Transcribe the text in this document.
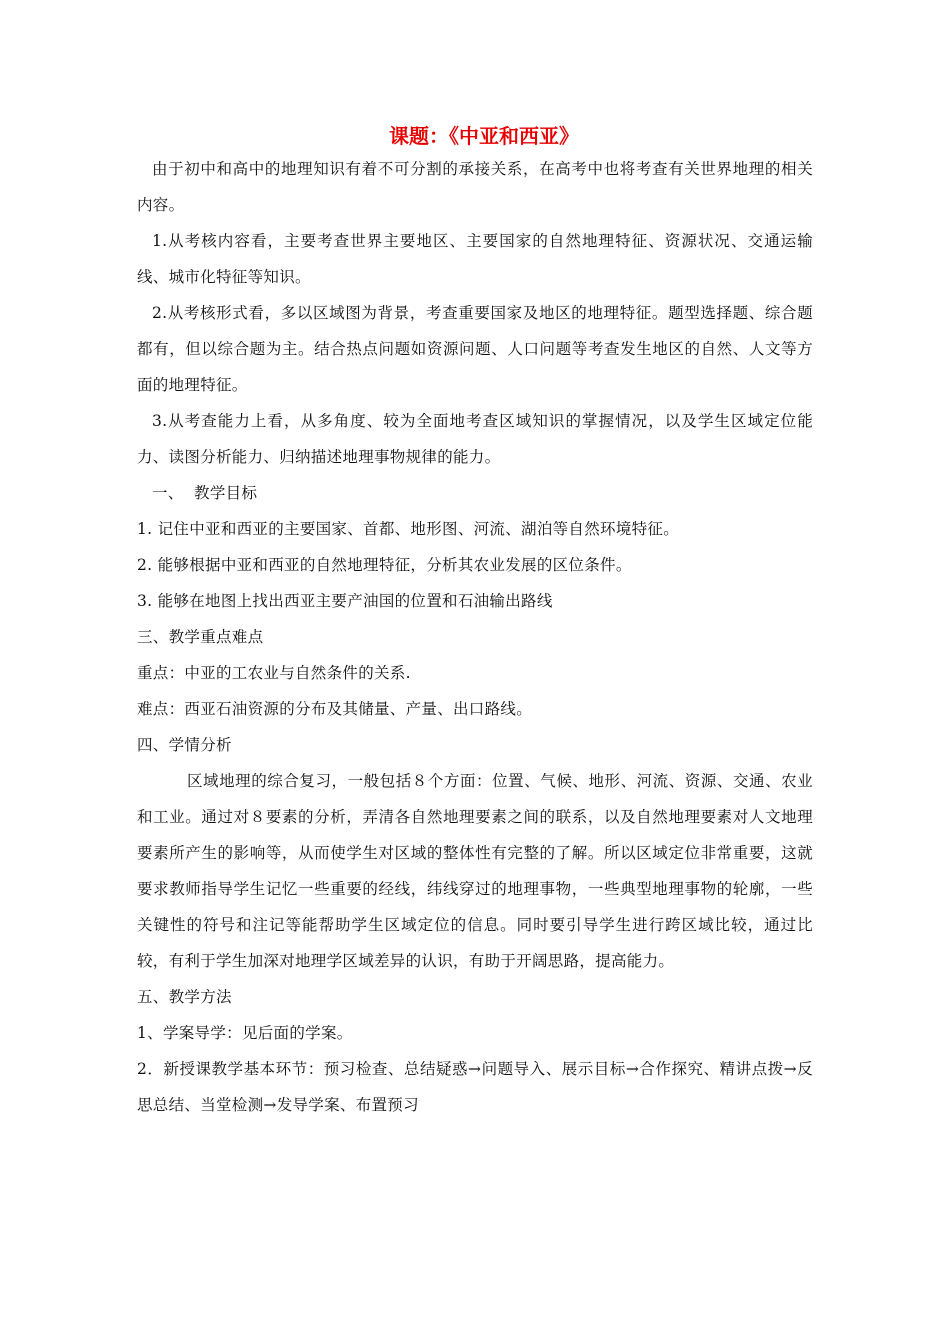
课题：《中亚和西亚》

由于初中和高中的地理知识有着不可分割的承接关系，在高考中也将考查有关世界地理的相关内容。

1.从考核内容看，主要考查世界主要地区、主要国家的自然地理特征、资源状况、交通运输线、城市化特征等知识。

2.从考核形式看，多以区域图为背景，考查重要国家及地区的地理特征。题型选择题、综合题都有，但以综合题为主。结合热点问题如资源问题、人口问题等考查发生地区的自然、人文等方面的地理特征。

3.从考查能力上看，从多角度、较为全面地考查区域知识的掌握情况，以及学生区域定位能力、读图分析能力、归纳描述地理事物规律的能力。

一、  教学目标

1. 记住中亚和西亚的主要国家、首都、地形图、河流、湖泊等自然环境特征。

2. 能够根据中亚和西亚的自然地理特征，分析其农业发展的区位条件。

3. 能够在地图上找出西亚主要产油国的位置和石油输出路线

三、教学重点难点

重点：中亚的工农业与自然条件的关系.

难点：西亚石油资源的分布及其储量、产量、出口路线。

四、学情分析

区域地理的综合复习，一般包括８个方面：位置、气候、地形、河流、资源、交通、农业和工业。通过对８要素的分析，弄清各自然地理要素之间的联系，以及自然地理要素对人文地理要素所产生的影响等，从而使学生对区域的整体性有完整的了解。所以区域定位非常重要，这就要求教师指导学生记忆一些重要的经线，纬线穿过的地理事物，一些典型地理事物的轮廓，一些关键性的符号和注记等能帮助学生区域定位的信息。同时要引导学生进行跨区域比较，通过比较，有利于学生加深对地理学区域差异的认识，有助于开阔思路，提高能力。

五、教学方法

1、学案导学：见后面的学案。

2．新授课教学基本环节：预习检查、总结疑惑→问题导入、展示目标→合作探究、精讲点拨→反思总结、当堂检测→发导学案、布置预习
